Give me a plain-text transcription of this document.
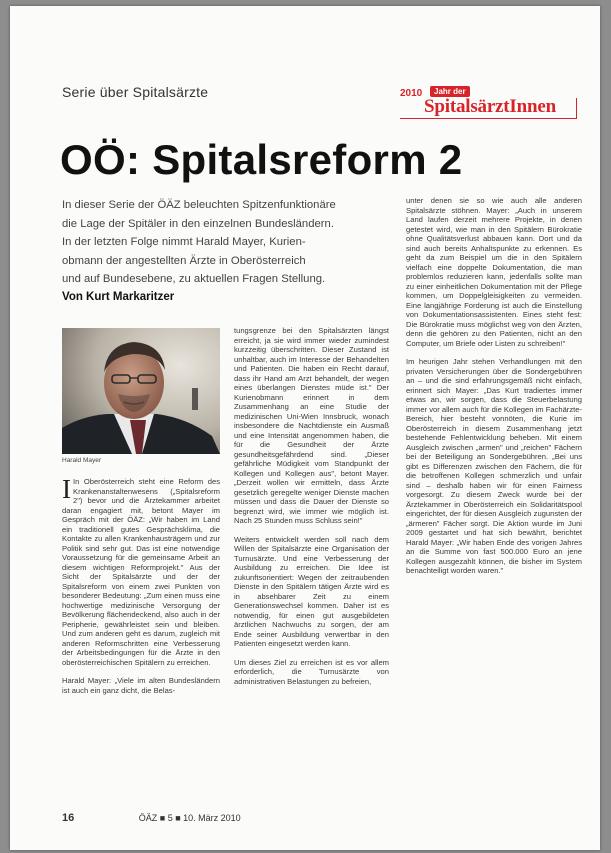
Serie über Spitalsärzte	2010	Jahr der
SpitalsärztInnen
OÖ: Spitalsreform 2

In dieser Serie der ÖÄZ beleuchten Spitzenfunktionäre

die Lage der Spitäler in den einzelnen Bundesländern.

In der letzten Folge nimmt Harald Mayer, Kurien-

obmann der angestellten Ärzte in Oberösterreich

und auf Bundesebene, zu aktuellen Fragen Stellung.

Von Kurt Markaritzer
Harald Mayer

I In Oberösterreich steht eine Reform des Krankenanstaltenwesens („Spitalsreform 2") bevor und die Ärztekammer arbeitet daran engagiert mit, betont Mayer im Gespräch mit der ÖÄZ: „Wir haben im Land ein traditionell gutes Gesprächsklima, die Kontakte zu allen Krankenhausträgern und zur Politik sind sehr gut. Das ist eine notwendige Voraussetzung für die gemeinsame Arbeit an diesem wichtigen Reformprojekt." Aus der Sicht der Spitalsärzte und der der Spitalsreform von einem zwei Punkten von besonderer Bedeutung: „Zum einen muss eine hochwertige medizinische Versorgung der Bevölkerung flächendeckend, also auch in der Peripherie, gewährleistet sein und bleiben. Und zum anderen geht es darum, zugleich mit anderen Reformschritten eine Verbesserung der Arbeitsbedingungen für die Ärzte in den oberösterreichischen Spitälern zu erreichen.

Harald Mayer: „Viele im alten Bundesländern ist auch ein ganz dicht, die Belas-

tungsgrenze bei den Spitalsärzten längst erreicht, ja sie wird immer wieder zumindest kurzzeitig überschritten. Dieser Zustand ist unhaltbar, auch im Interesse der Behandelten und Patienten. Die haben ein Recht darauf, dass ihr Hand am Arzt behandelt, der wegen eines überlangen Dienstes müde ist." Der Kurienobmann erinnert in dem Zusammenhang an eine Studie der medizinischen Uni-Wien Innsbruck, wonach insbesondere die Nachtdienste ein Ausmaß und eine Intensität angenommen haben, die für die Gesundheit der Ärzte gesundheitsgefährdend sind. „Dieser gefährliche Müdigkeit vom Standpunkt der Kollegen und Kollegen aus", betont Mayer. „Derzeit wollen wir ermitteln, dass Ärzte gesetzlich geregelte weniger Dienste machen müssen und dass die Dauer der Dienste so begrenzt wird, wie immer wie möglich ist. Nach 25 Stunden muss Schluss sein!"

Weiters entwickelt werden soll nach dem Willen der Spitalsärzte eine Organisation der Turnusärzte. Und eine Verbesserung der Ausbildung zu erreichen. Die Idee ist zukunftsorientiert: Wegen der zeitraubenden Dienste in den Spitälern tätigen Ärzte wird es in absehbarer Zeit zu einem Generationswechsel kommen. Daher ist es notwendig, für einen gut ausgebildeten ärztlichen Nachwuchs zu sorgen, der am Ende seiner Ausbildung verwertbar in den Patienten eingesetzt werden kann.

Um dieses Ziel zu erreichen ist es vor allem erforderlich, die Turnusärzte von administrativen Belastungen zu befreien,

unter denen sie so wie auch alle anderen Spitalsärzte stöhnen. Mayer: „Auch in unserem Land laufen derzeit mehrere Projekte, in denen getestet wird, wie man in den Spitälern Bürokratie ohne Qualitätsverlust abbauen kann. Dort und da sind auch bereits Anhaltspunkte zu erkennen. Es geht da zum Beispiel um die in den Spitälern vielfach eine doppelte Dokumentation, die man problemlos reduzieren kann, jedenfalls sollte man zu einer einheitlichen Dokumentation mit der Pflege kommen, um Doppelgleisigkeiten zu vermeiden. Eine langjährige Forderung ist auch die Einstellung von Dokumentationsassistenten. Eines steht fest: Die Bürokratie muss möglichst weg von den Ärzten, denn die gehören zu den Patienten, nicht an den Computer, um Briefe oder Listen zu schreiben!"

Im heurigen Jahr stehen Verhandlungen mit den privaten Versicherungen über die Sondergebühren an – und die sind erfahrungsgemäß nicht einfach, erinnert sich Mayer: „Das Kurt tradiertes immer etwas an, wir sorgen, dass die Steuerbelastung immer vor allem auch für die Kollegen im Fachärzte-Bereich, hier besteht vonnöten, die Kurie im Oberösterreich in diesem Zusammenhang jetzt bestehende Fehlentwicklung beheben. Mit einem Ausgleich zwischen „armen" und „reichen" Fächern bei der Beteiligung an Sondergebühren. „Bei uns gibt es Differenzen zwischen den Fächern, die für die betroffenen Kollegen schmerzlich und unfair sind – deshalb haben wir für einen Fairness vorgesorgt. Zu diesem Zweck wurde bei der Ärztekammer in Oberösterreich ein Solidaritätspool eingerichtet, der für diesen Ausgleich zugunsten der „ärmeren" Fächer sorgt. Die Aktion wurde im Juni 2009 gestartet und hat sich bewährt, berichtet Harald Mayer: „Wir haben Ende des vorigen Jahres an die Summe von fast 500.000 Euro an jene Kollegen ausgezahlt können, die bisher im System benachteiligt worden waren."

16	ÖÄZ ■ 5 ■ 10. März 2010
